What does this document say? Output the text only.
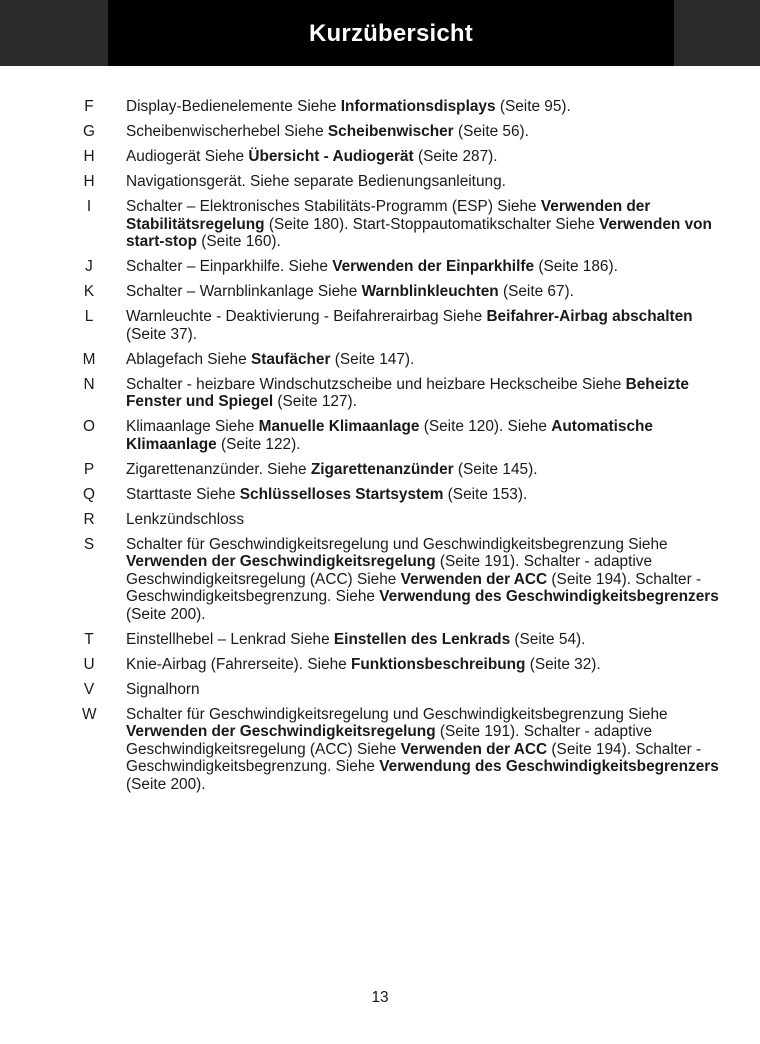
Kurzübersicht
F Display-Bedienelemente Siehe Informationsdisplays (Seite 95).
G Scheibenwischerhebel Siehe Scheibenwischer (Seite 56).
H Audiogerät Siehe Übersicht - Audiogerät (Seite 287).
H Navigationsgerät. Siehe separate Bedienungsanleitung.
I	Schalter – Elektronisches Stabilitäts-Programm (ESP) Siehe Verwenden der Stabilitätsregelung (Seite 180). Start-Stoppautomatikschalter Siehe Verwenden von start-stop (Seite 160).
J Schalter – Einparkhilfe. Siehe Verwenden der Einparkhilfe (Seite 186).
K Schalter – Warnblinkanlage Siehe Warnblinkleuchten (Seite 67).
L Warnleuchte - Deaktivierung - Beifahrerairbag Siehe Beifahrer-Airbag abschalten (Seite 37).
M Ablagefach Siehe Staufächer (Seite 147).
N Schalter - heizbare Windschutzscheibe und heizbare Heckscheibe Siehe Beheizte Fenster und Spiegel (Seite 127).
O Klimaanlage Siehe Manuelle Klimaanlage (Seite 120). Siehe Automatische Klimaanlage (Seite 122).
P Zigarettenanzünder. Siehe Zigarettenanzünder (Seite 145).
Q Starttaste Siehe Schlüsselloses Startsystem (Seite 153).
R Lenkzündschloss
S Schalter für Geschwindigkeitsregelung und Geschwindigkeitsbegrenzung Siehe Verwenden der Geschwindigkeitsregelung (Seite 191). Schalter - adaptive Geschwindigkeitsregelung (ACC) Siehe Verwenden der ACC (Seite 194). Schalter - Geschwindigkeitsbegrenzung. Siehe Verwendung des Geschwindigkeitsbegrenzers (Seite 200).
T Einstellhebel – Lenkrad Siehe Einstellen des Lenkrads (Seite 54).
U Knie-Airbag (Fahrerseite). Siehe Funktionsbeschreibung (Seite 32).
V Signalhorn
W Schalter für Geschwindigkeitsregelung und Geschwindigkeitsbegrenzung Siehe Verwenden der Geschwindigkeitsregelung (Seite 191). Schalter - adaptive Geschwindigkeitsregelung (ACC) Siehe Verwenden der ACC (Seite 194). Schalter - Geschwindigkeitsbegrenzung. Siehe Verwendung des Geschwindigkeitsbegrenzers (Seite 200).
13
